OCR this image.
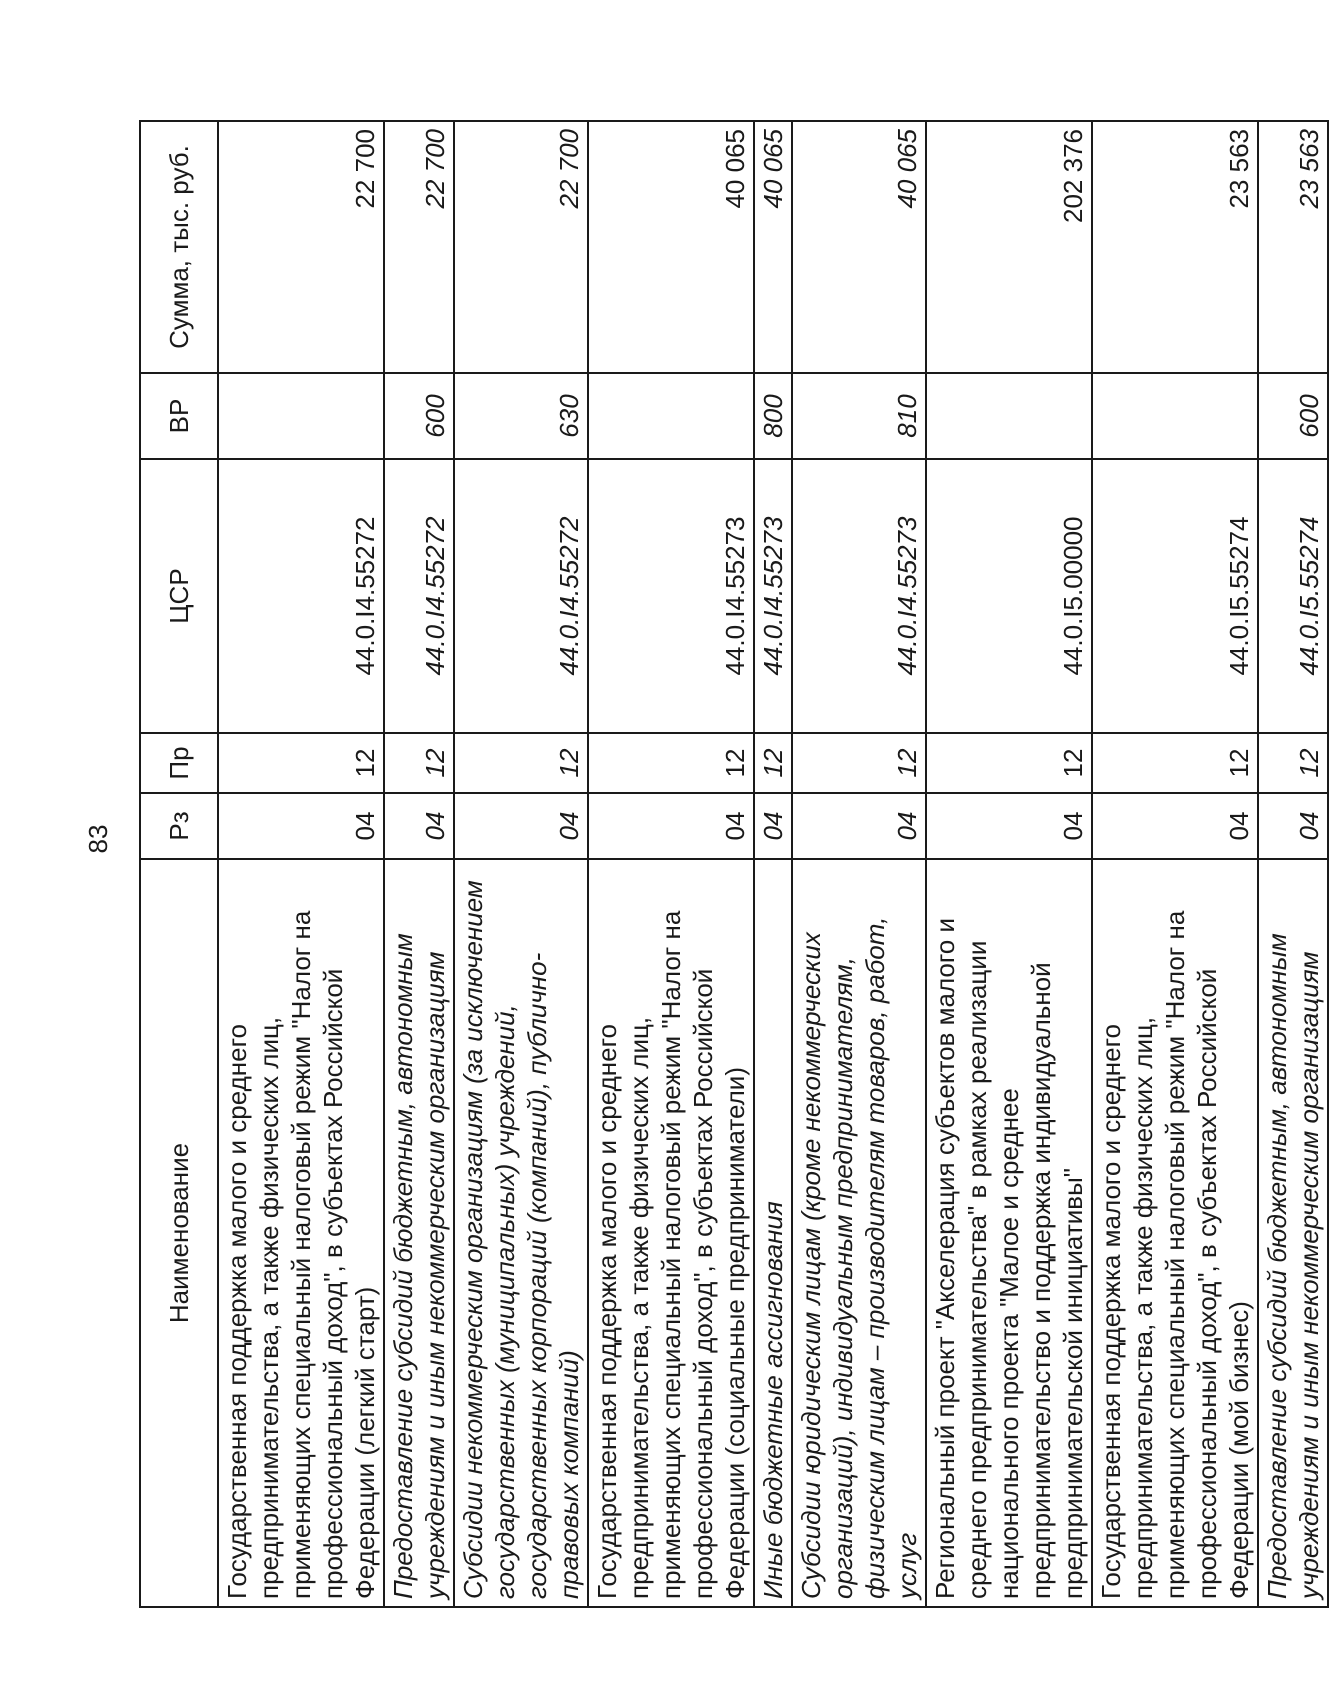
83
Наименование	Рз	Пр	ЦСР	ВР	Сумма, тыс. руб.
Государственная поддержка малого и среднего предпринимательства, а также физических лиц, применяющих специальный налоговый режим "Налог на профессиональный доход", в субъектах Российской Федерации (легкий старт)	04	12	44.0.I4.55272		22 700
Предоставление субсидий бюджетным, автономным учреждениям и иным некоммерческим организациям	04	12	44.0.I4.55272	600	22 700
Субсидии некоммерческим организациям (за исключением государственных (муниципальных) учреждений, государственных корпораций (компаний), публично-правовых компаний)	04	12	44.0.I4.55272	630	22 700
Государственная поддержка малого и среднего предпринимательства, а также физических лиц, применяющих специальный налоговый режим "Налог на профессиональный доход", в субъектах Российской Федерации (социальные предприниматели)	04	12	44.0.I4.55273		40 065
Иные бюджетные ассигнования	04	12	44.0.I4.55273	800	40 065
Субсидии юридическим лицам (кроме некоммерческих организаций), индивидуальным предпринимателям, физическим лицам – производителям товаров, работ, услуг	04	12	44.0.I4.55273	810	40 065
Региональный проект "Акселерация субъектов малого и среднего предпринимательства" в рамках реализации национального проекта "Малое и среднее предпринимательство и поддержка индивидуальной предпринимательской инициативы"	04	12	44.0.I5.00000		202 376
Государственная поддержка малого и среднего предпринимательства, а также физических лиц, применяющих специальный налоговый режим "Налог на профессиональный доход", в субъектах Российской Федерации (мой бизнес)	04	12	44.0.I5.55274		23 563
Предоставление субсидий бюджетным, автономным учреждениям и иным некоммерческим организациям	04	12	44.0.I5.55274	600	23 563
